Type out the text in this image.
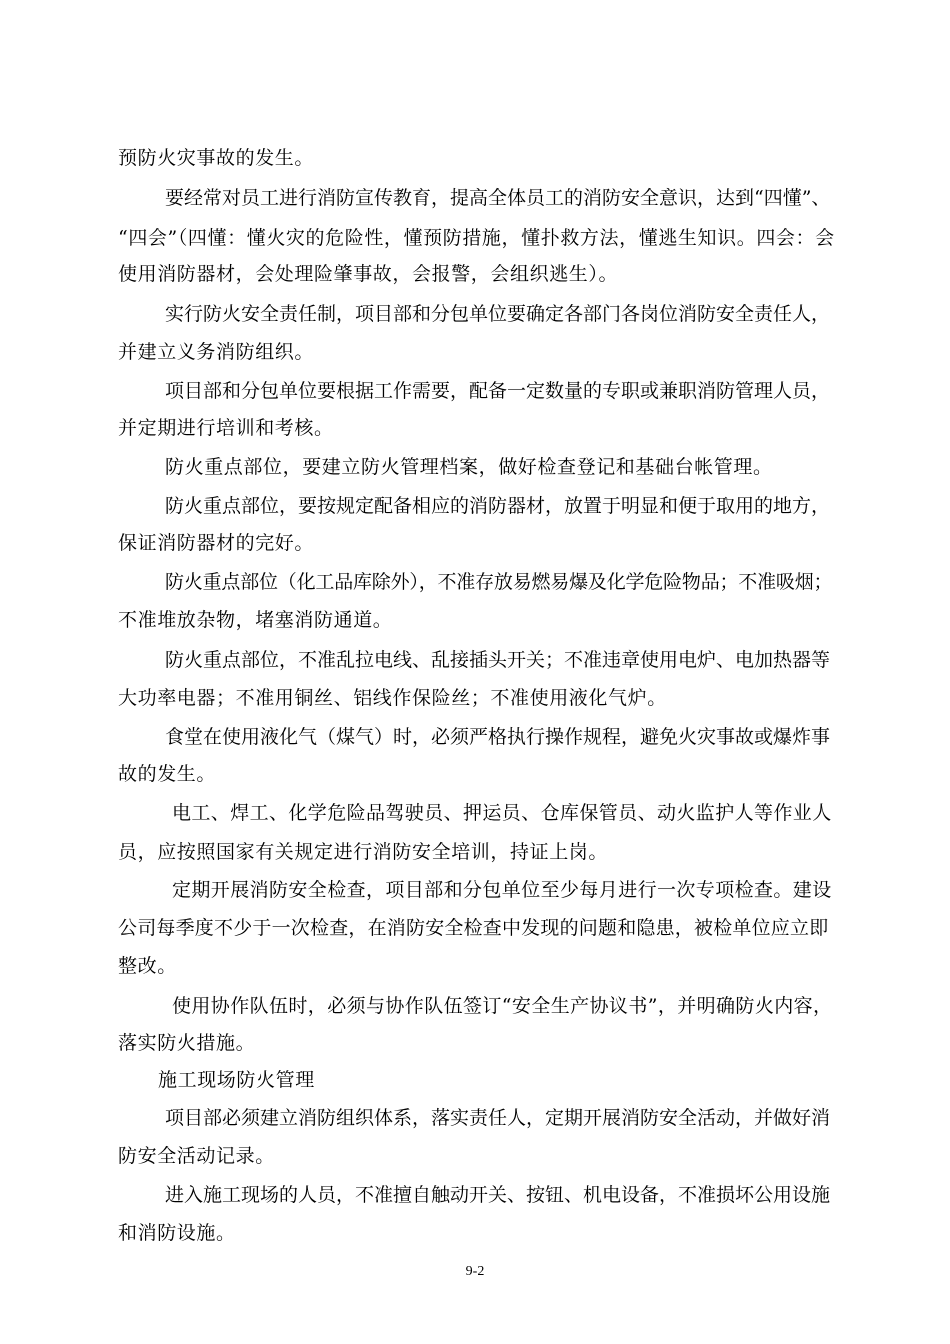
预防火灾事故的发生。
要经常对员工进行消防宣传教育，提高全体员工的消防安全意识，达到“四懂”、
“四会”（四懂：懂火灾的危险性，懂预防措施，懂扑救方法，懂逃生知识。四会：会
使用消防器材，会处理险肇事故，会报警，会组织逃生）。
实行防火安全责任制，项目部和分包单位要确定各部门各岗位消防安全责任人，
并建立义务消防组织。
项目部和分包单位要根据工作需要，配备一定数量的专职或兼职消防管理人员，
并定期进行培训和考核。
防火重点部位，要建立防火管理档案，做好检查登记和基础台帐管理。
防火重点部位，要按规定配备相应的消防器材，放置于明显和便于取用的地方，
保证消防器材的完好。
防火重点部位（化工品库除外），不准存放易燃易爆及化学危险物品；不准吸烟；
不准堆放杂物，堵塞消防通道。
防火重点部位，不准乱拉电线、乱接插头开关；不准违章使用电炉、电加热器等
大功率电器；不准用铜丝、铝线作保险丝；不准使用液化气炉。
食堂在使用液化气（煤气）时，必须严格执行操作规程，避免火灾事故或爆炸事
故的发生。
电工、焊工、化学危险品驾驶员、押运员、仓库保管员、动火监护人等作业人
员，应按照国家有关规定进行消防安全培训，持证上岗。
定期开展消防安全检查，项目部和分包单位至少每月进行一次专项检查。建设
公司每季度不少于一次检查，在消防安全检查中发现的问题和隐患，被检单位应立即
整改。
使用协作队伍时，必须与协作队伍签订“安全生产协议书”，并明确防火内容，
落实防火措施。
施工现场防火管理
项目部必须建立消防组织体系，落实责任人，定期开展消防安全活动，并做好消
防安全活动记录。
进入施工现场的人员，不准擅自触动开关、按钮、机电设备，不准损坏公用设施
和消防设施。
9-2
